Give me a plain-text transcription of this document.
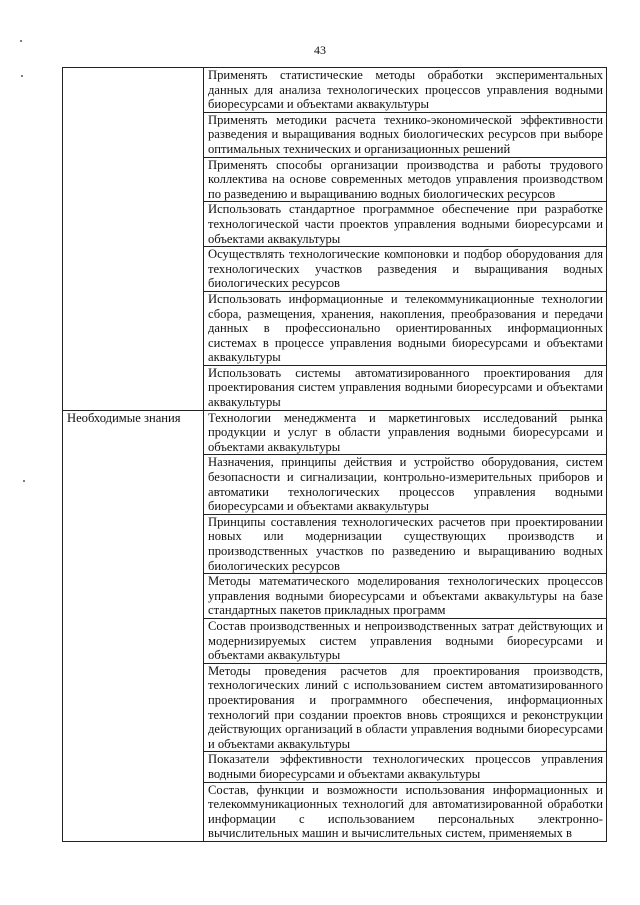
43
	Применять статистические методы обработки экспериментальных данных для анализа технологических процессов управления водными биоресурсами и объектами аквакультуры
	Применять методики расчета технико-экономической эффективности разведения и выращивания водных биологических ресурсов при выборе оптимальных технических и организационных решений
	Применять способы организации производства и работы трудового коллектива на основе современных методов управления производством по разведению и выращиванию водных биологических ресурсов
	Использовать стандартное программное обеспечение при разработке технологической части проектов управления водными биоресурсами и объектами аквакультуры
	Осуществлять технологические компоновки и подбор оборудования для технологических участков разведения и выращивания водных биологических ресурсов
	Использовать информационные и телекоммуникационные технологии сбора, размещения, хранения, накопления, преобразования и передачи данных в профессионально ориентированных информационных системах в процессе управления водными биоресурсами и объектами аквакультуры
	Использовать системы автоматизированного проектирования для проектирования систем управления водными биоресурсами и объектами аквакультуры
Необходимые знания	Технологии менеджмента и маркетинговых исследований рынка продукции и услуг в области управления водными биоресурсами и объектами аквакультуры
	Назначения, принципы действия и устройство оборудования, систем безопасности и сигнализации, контрольно-измерительных приборов и автоматики технологических процессов управления водными биоресурсами и объектами аквакультуры
	Принципы составления технологических расчетов при проектировании новых или модернизации существующих производств и производственных участков по разведению и выращиванию водных биологических ресурсов
	Методы математического моделирования технологических процессов управления водными биоресурсами и объектами аквакультуры на базе стандартных пакетов прикладных программ
	Состав производственных и непроизводственных затрат действующих и модернизируемых систем управления водными биоресурсами и объектами аквакультуры
	Методы проведения расчетов для проектирования производств, технологических линий с использованием систем автоматизированного проектирования и программного обеспечения, информационных технологий при создании проектов вновь строящихся и реконструкции действующих организаций в области управления водными биоресурсами и объектами аквакультуры
	Показатели эффективности технологических процессов управления водными биоресурсами и объектами аквакультуры
	Состав, функции и возможности использования информационных и телекоммуникационных технологий для автоматизированной обработки информации с использованием персональных электронно-вычислительных машин и вычислительных систем, применяемых в
